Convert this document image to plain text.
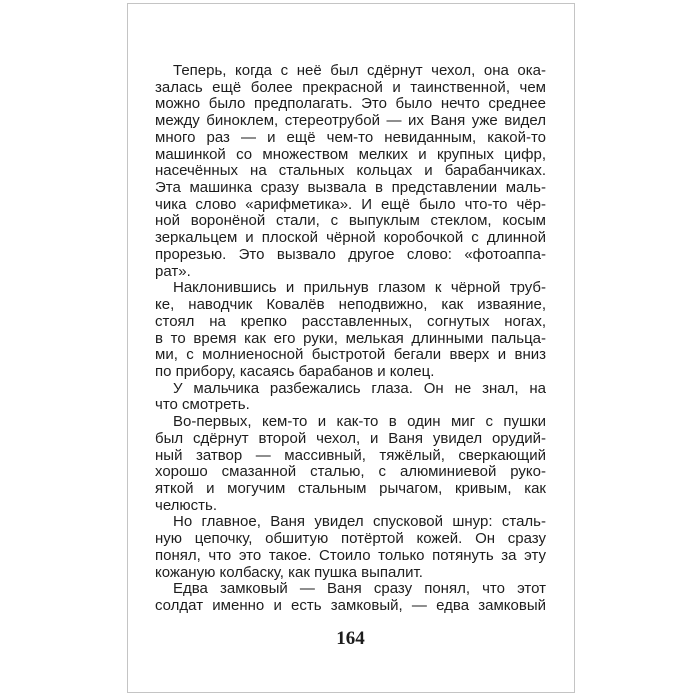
Теперь, когда с неё был сдёрнут чехол, она ока-
залась ещё более прекрасной и таинственной, чем
можно было предполагать. Это было нечто среднее
между биноклем, стереотрубой — их Ваня уже видел
много раз — и ещё чем-то невиданным, какой-то
машинкой со множеством мелких и крупных цифр,
насечённых на стальных кольцах и барабанчиках.
Эта машинка сразу вызвала в представлении маль-
чика слово «арифметика». И ещё было что-то чёр-
ной воронёной стали, с выпуклым стеклом, косым
зеркальцем и плоской чёрной коробочкой с длинной
прорезью. Это вызвало другое слово: «фотоаппа-
рат».
Наклонившись и прильнув глазом к чёрной труб-
ке, наводчик Ковалёв неподвижно, как изваяние,
стоял на крепко расставленных, согнутых ногах,
в то время как его руки, мелькая длинными пальца-
ми, с молниеносной быстротой бегали вверх и вниз
по прибору, касаясь барабанов и колец.
У мальчика разбежались глаза. Он не знал, на
что смотреть.
Во-первых, кем-то и как-то в один миг с пушки
был сдёрнут второй чехол, и Ваня увидел орудий-
ный затвор — массивный, тяжёлый, сверкающий
хорошо смазанной сталью, с алюминиевой руко-
яткой и могучим стальным рычагом, кривым, как
челюсть.
Но главное, Ваня увидел спусковой шнур: сталь-
ную цепочку, обшитую потёртой кожей. Он сразу
понял, что это такое. Стоило только потянуть за эту
кожаную колбаску, как пушка выпалит.
Едва замковый — Ваня сразу понял, что этот
солдат именно и есть замковый, — едва замковый
164
